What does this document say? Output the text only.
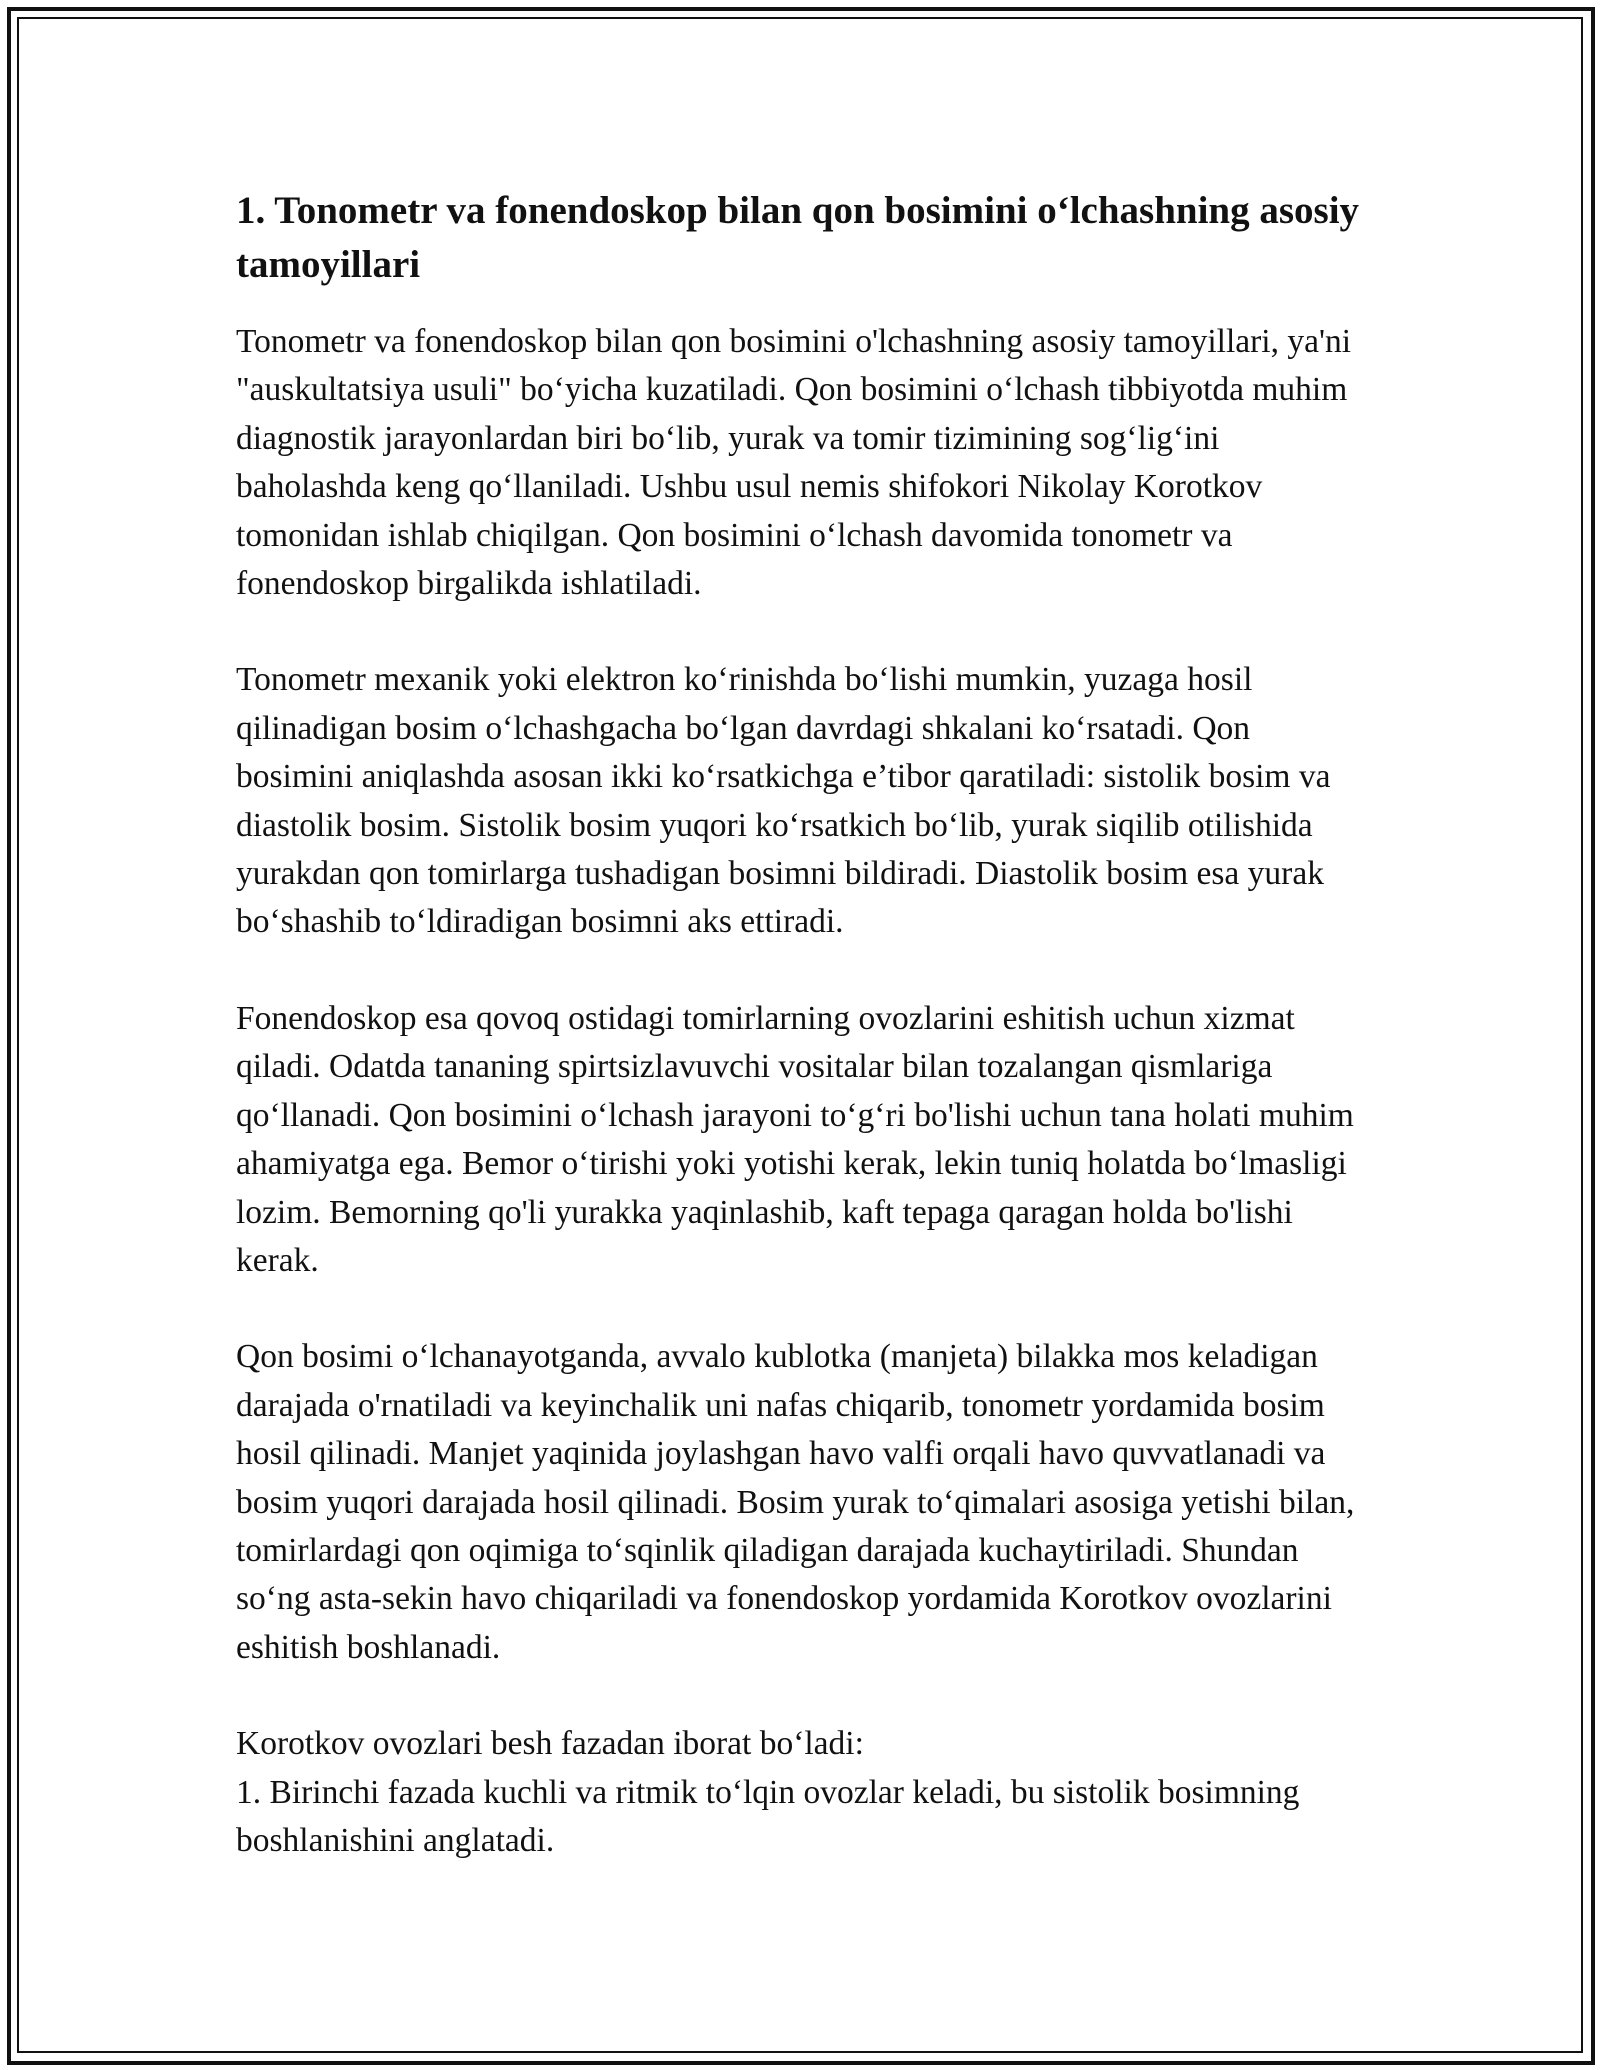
1. Tonometr va fonendoskop bilan qon bosimini o‘lchashning asosiy tamoyillari

Tonometr va fonendoskop bilan qon bosimini o'lchashning asosiy tamoyillari, ya'ni "auskultatsiya usuli" bo‘yicha kuzatiladi. Qon bosimini o‘lchash tibbiyotda muhim diagnostik jarayonlardan biri bo‘lib, yurak va tomir tizimining sog‘lig‘ini baholashda keng qo‘llaniladi. Ushbu usul nemis shifokori Nikolay Korotkov tomonidan ishlab chiqilgan. Qon bosimini o‘lchash davomida tonometr va fonendoskop birgalikda ishlatiladi.

Tonometr mexanik yoki elektron ko‘rinishda bo‘lishi mumkin, yuzaga hosil qilinadigan bosim o‘lchashgacha bo‘lgan davrdagi shkalani ko‘rsatadi. Qon bosimini aniqlashda asosan ikki ko‘rsatkichga e’tibor qaratiladi: sistolik bosim va diastolik bosim. Sistolik bosim yuqori ko‘rsatkich bo‘lib, yurak siqilib otilishida yurakdan qon tomirlarga tushadigan bosimni bildiradi. Diastolik bosim esa yurak bo‘shashib to‘ldiradigan bosimni aks ettiradi.

Fonendoskop esa qovoq ostidagi tomirlarning ovozlarini eshitish uchun xizmat qiladi. Odatda tananing spirtsizlavuvchi vositalar bilan tozalangan qismlariga qo‘llanadi. Qon bosimini o‘lchash jarayoni to‘g‘ri bo'lishi uchun tana holati muhim ahamiyatga ega. Bemor o‘tirishi yoki yotishi kerak, lekin tuniq holatda bo‘lmasligi lozim. Bemorning qo'li yurakka yaqinlashib, kaft tepaga qaragan holda bo'lishi kerak.

Qon bosimi o‘lchanayotganda, avvalo kublotka (manjeta) bilakka mos keladigan darajada o'rnatiladi va keyinchalik uni nafas chiqarib, tonometr yordamida bosim hosil qilinadi. Manjet yaqinida joylashgan havo valfi orqali havo quvvatlanadi va bosim yuqori darajada hosil qilinadi. Bosim yurak to‘qimalari asosiga yetishi bilan, tomirlardagi qon oqimiga to‘sqinlik qiladigan darajada kuchaytiriladi. Shundan so‘ng asta-sekin havo chiqariladi va fonendoskop yordamida Korotkov ovozlarini eshitish boshlanadi.

Korotkov ovozlari besh fazadan iborat bo‘ladi:

1. Birinchi fazada kuchli va ritmik to‘lqin ovozlar keladi, bu sistolik bosimning boshlanishini anglatadi.
